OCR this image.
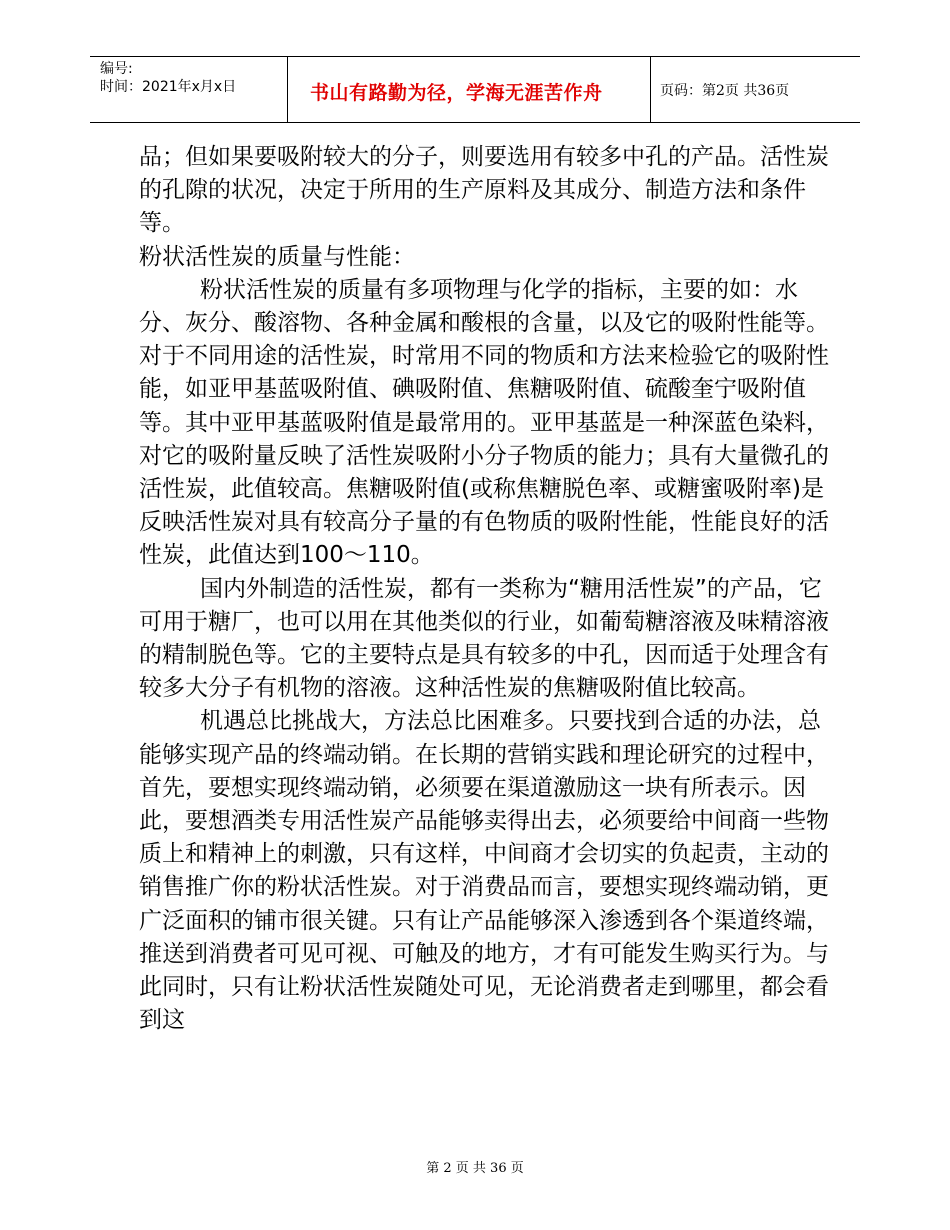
编号:
时间：2021年x月x日	书山有路勤为径，学海无涯苦作舟	页码：第2页 共36页

品；但如果要吸附较大的分子，则要选用有较多中孔的产品。活性炭的孔隙的状况，决定于所用的生产原料及其成分、制造方法和条件等。

粉状活性炭的质量与性能：

粉状活性炭的质量有多项物理与化学的指标，主要的如：水分、灰分、酸溶物、各种金属和酸根的含量，以及它的吸附性能等。对于不同用途的活性炭，时常用不同的物质和方法来检验它的吸附性能，如亚甲基蓝吸附值、碘吸附值、焦糖吸附值、硫酸奎宁吸附值等。其中亚甲基蓝吸附值是最常用的。亚甲基蓝是一种深蓝色染料，对它的吸附量反映了活性炭吸附小分子物质的能力；具有大量微孔的活性炭，此值较高。焦糖吸附值(或称焦糖脱色率、或糖蜜吸附率)是反映活性炭对具有较高分子量的有色物质的吸附性能，性能良好的活性炭，此值达到100～110。

国内外制造的活性炭，都有一类称为“糖用活性炭”的产品，它可用于糖厂，也可以用在其他类似的行业，如葡萄糖溶液及味精溶液的精制脱色等。它的主要特点是具有较多的中孔，因而适于处理含有较多大分子有机物的溶液。这种活性炭的焦糖吸附值比较高。

机遇总比挑战大，方法总比困难多。只要找到合适的办法，总能够实现产品的终端动销。在长期的营销实践和理论研究的过程中，首先，要想实现终端动销，必须要在渠道激励这一块有所表示。因此，要想酒类专用活性炭产品能够卖得出去，必须要给中间商一些物质上和精神上的刺激，只有这样，中间商才会切实的负起责，主动的销售推广你的粉状活性炭。对于消费品而言，要想实现终端动销，更广泛面积的铺市很关键。只有让产品能够深入渗透到各个渠道终端，推送到消费者可见可视、可触及的地方，才有可能发生购买行为。与此同时，只有让粉状活性炭随处可见，无论消费者走到哪里，都会看到这

第 2 页 共 36 页
